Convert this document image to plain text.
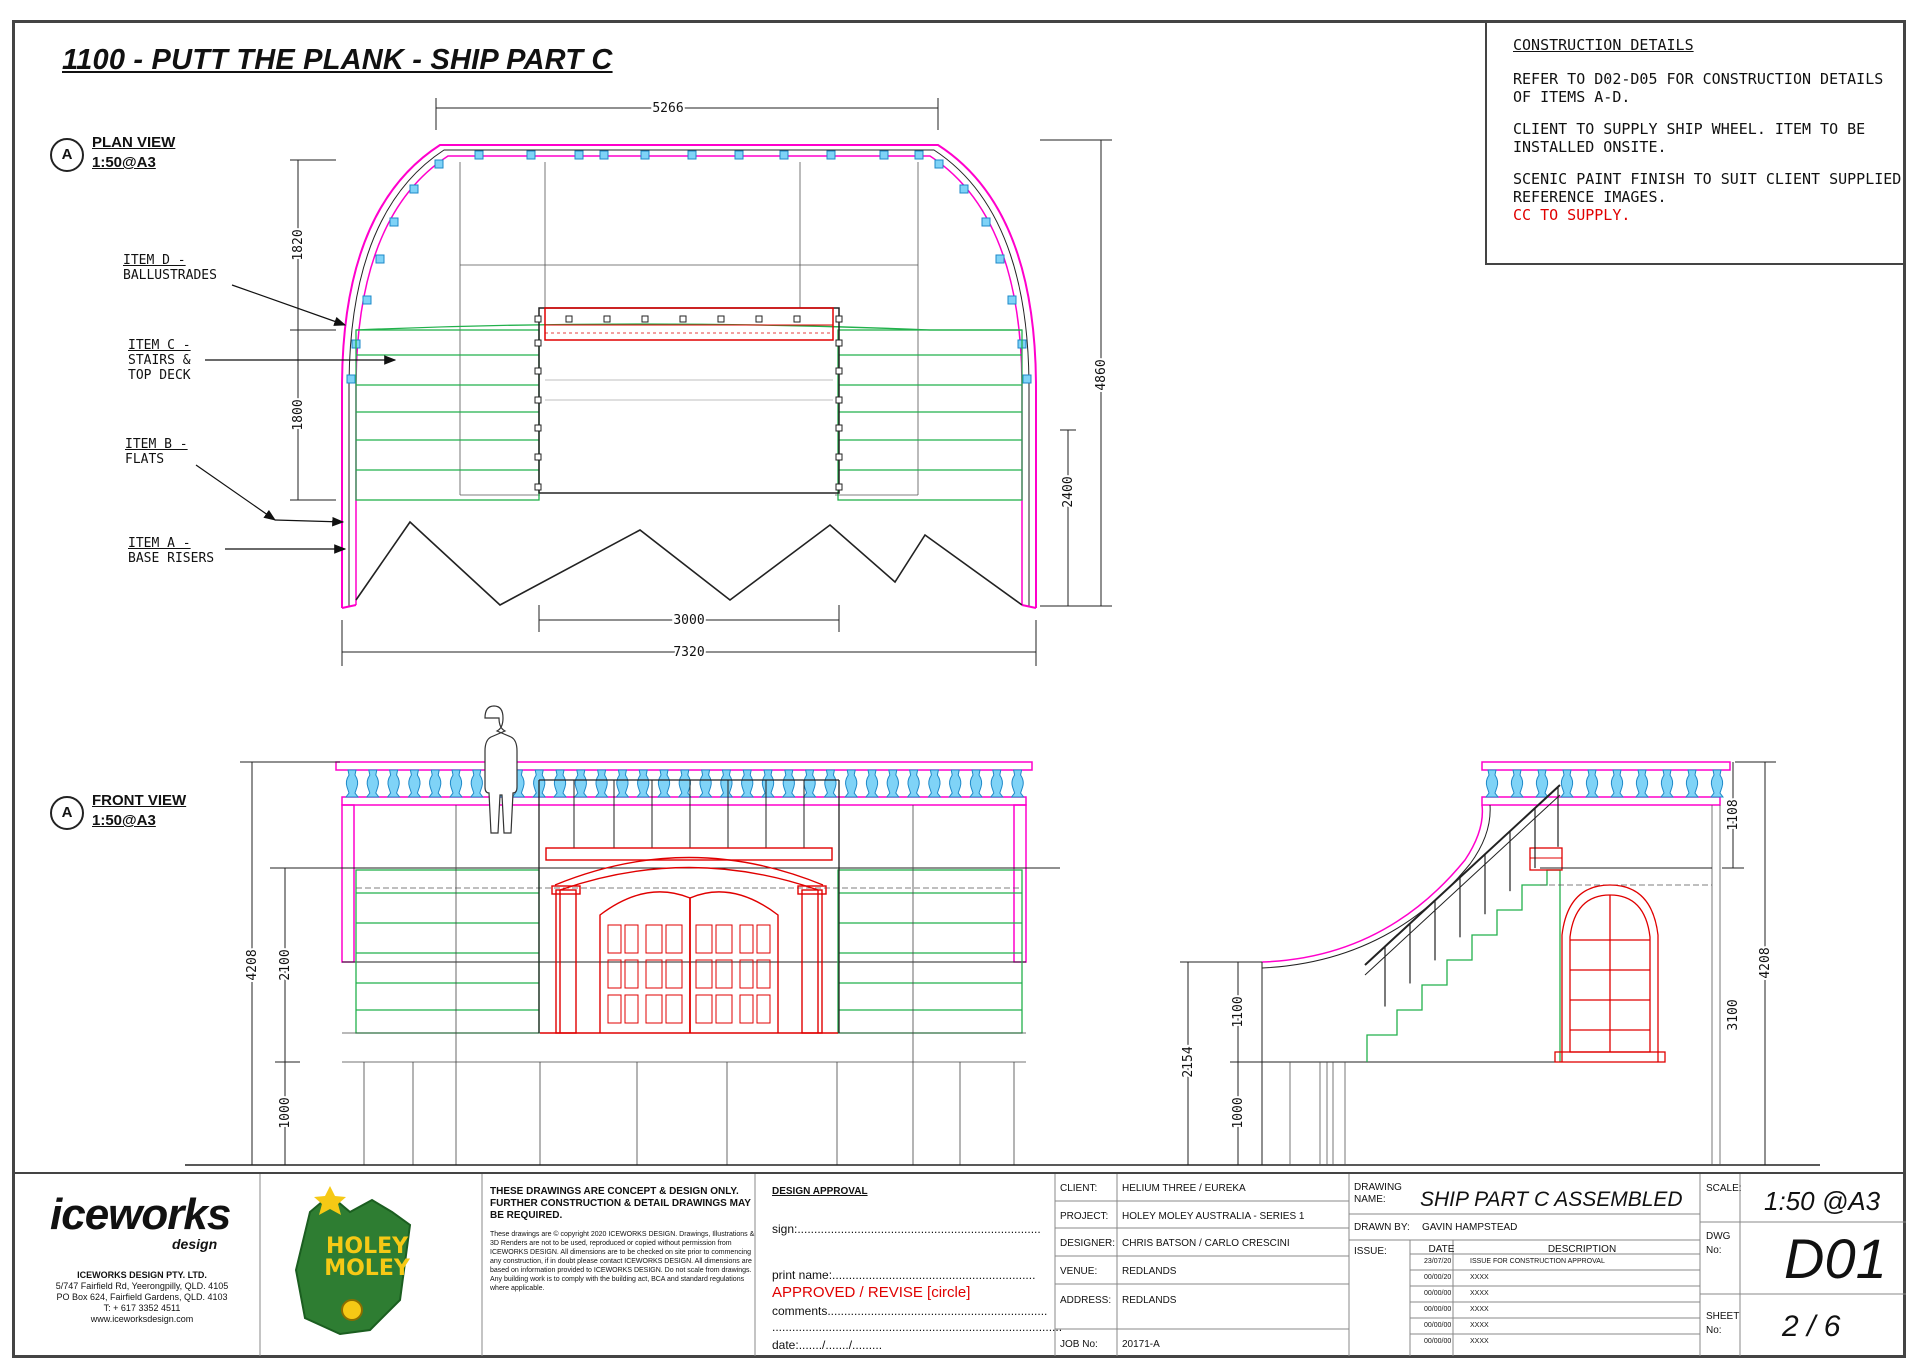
5266
1820
1800
4860
2400
3000
7320
4208 2100
1000
2154
1100
1000
4208
1108
3100
1100 - PUTT THE PLANK - SHIP PART C
A
PLAN VIEW
1:50@A3
A
FRONT VIEW
1:50@A3
ITEM D -
BALLUSTRADES
ITEM C -
STAIRS &
TOP DECK
ITEM B -
FLATS
ITEM A -
BASE RISERS
CONSTRUCTION DETAILS

REFER TO D02-D05 FOR CONSTRUCTION DETAILS OF ITEMS A-D.

CLIENT TO SUPPLY SHIP WHEEL. ITEM TO BE INSTALLED ONSITE.

SCENIC PAINT FINISH TO SUIT CLIENT SUPPLIED REFERENCE IMAGES.

CC TO SUPPLY.

iceworks
design
ICEWORKS DESIGN PTY. LTD.
5/747 Fairfield Rd, Yeerongpilly, QLD. 4105
PO Box 624, Fairfield Gardens, QLD. 4103
T: + 617 3352 4511
www.iceworksdesign.com
HOLEY
MOLEY
THESE DRAWINGS ARE CONCEPT & DESIGN ONLY. FURTHER CONSTRUCTION & DETAIL DRAWINGS MAY BE REQUIRED.
These drawings are © copyright 2020 ICEWORKS DESIGN. Drawings, Illustrations & 3D Renders are not to be used, reproduced or copied without permission from ICEWORKS DESIGN. All dimensions are to be checked on site prior to commencing any construction, if in doubt please contact ICEWORKS DESIGN. All dimensions are based on information provided to ICEWORKS DESIGN. Do not scale from drawings. Any building work is to comply with the building act, BCA and standard regulations where applicable.
DESIGN APPROVAL
sign:.........................................................................
print name:.............................................................
APPROVED / REVISE [circle]
comments..................................................................
.......................................................................................
date:......./......./.........
CLIENT: HELIUM THREE / EUREKA
PROJECT: HOLEY MOLEY AUSTRALIA - SERIES 1
DESIGNER: CHRIS BATSON / CARLO CRESCINI
VENUE: REDLANDS
ADDRESS: REDLANDS
JOB No: 20171-A
DRAWING NAME:	SHIP PART C ASSEMBLED
DRAWN BY: GAVIN HAMPSTEAD
ISSUE:	DATE	DESCRIPTION
23/07/20	ISSUE FOR CONSTRUCTION APPROVAL
00/00/20	XXXX
00/00/00	XXXX
00/00/00	XXXX
00/00/00	XXXX
00/00/00	XXXX
SCALE: 1:50 @A3
DWG No:	D01
SHEET No:	2 / 6
